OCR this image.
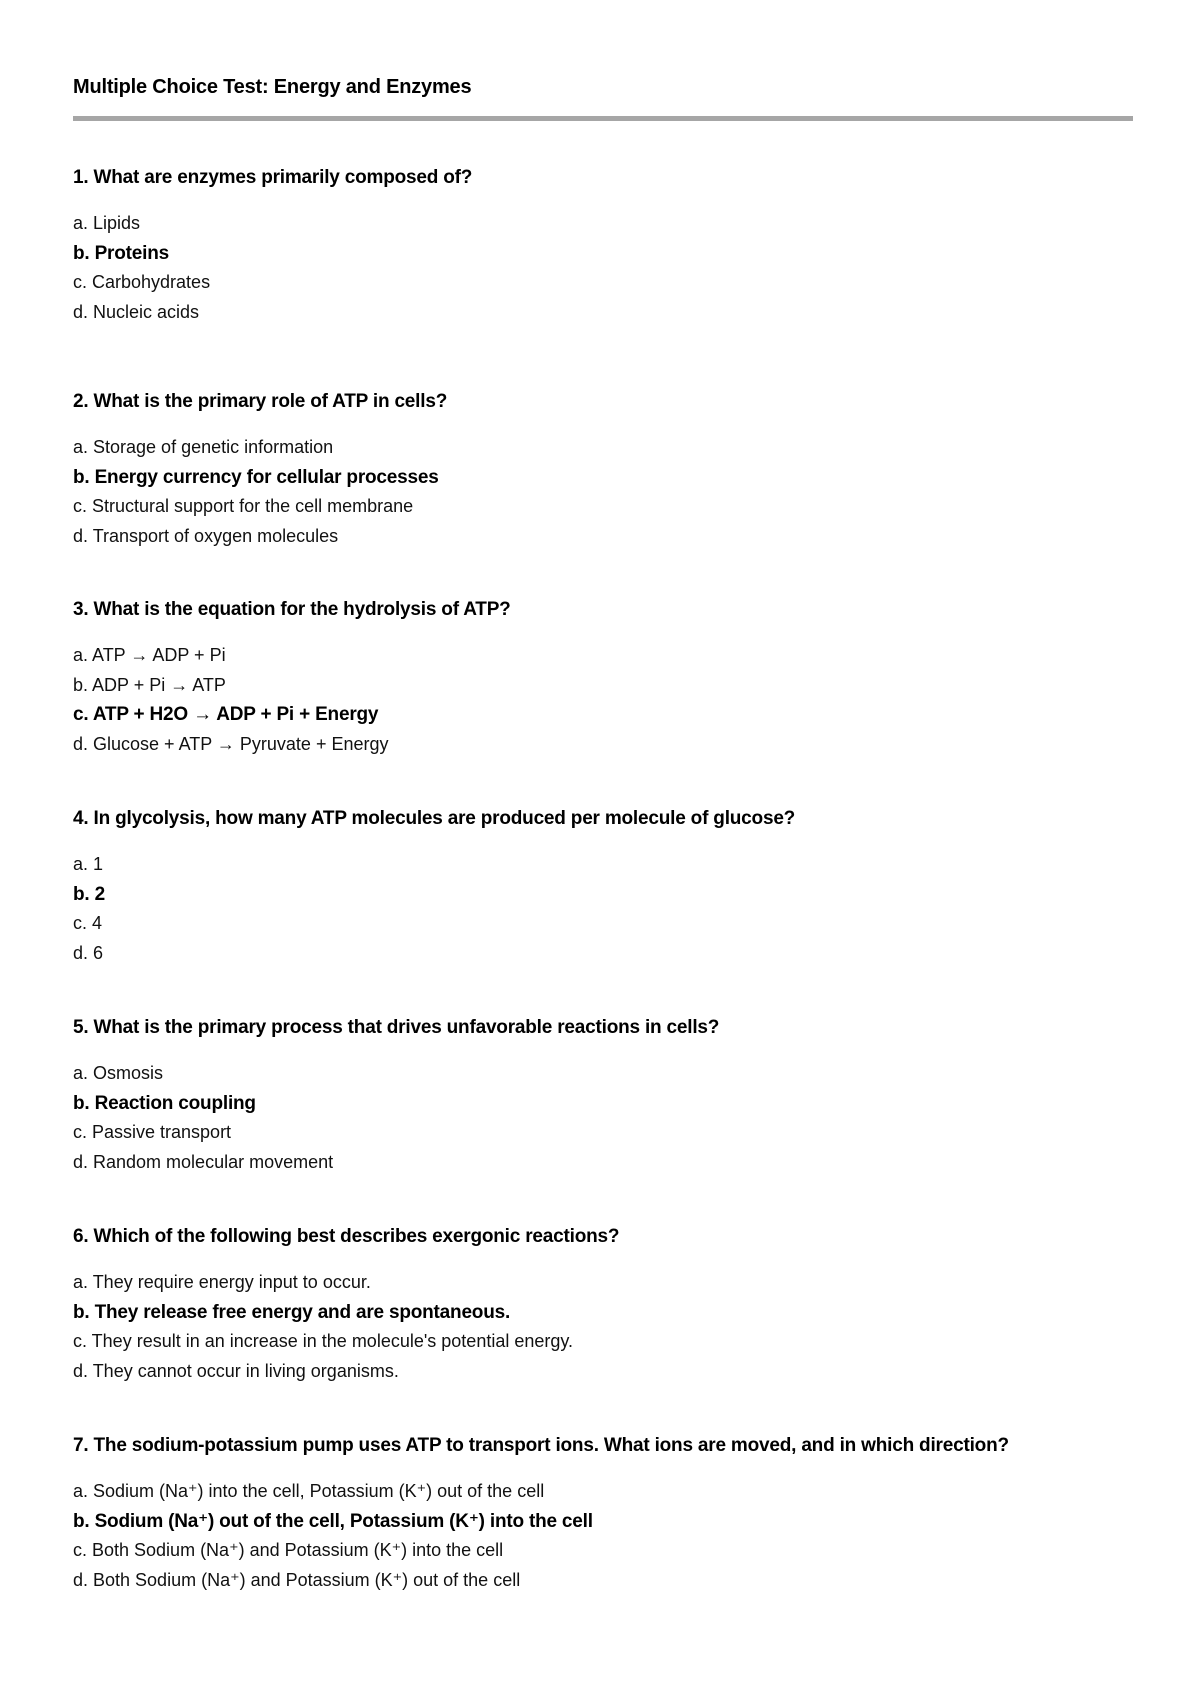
Multiple Choice Test: Energy and Enzymes
1. What are enzymes primarily composed of?
a. Lipids
b. Proteins
c. Carbohydrates
d. Nucleic acids
2. What is the primary role of ATP in cells?
a. Storage of genetic information
b. Energy currency for cellular processes
c. Structural support for the cell membrane
d. Transport of oxygen molecules
3. What is the equation for the hydrolysis of ATP?
a. ATP → ADP + Pi
b. ADP + Pi → ATP
c. ATP + H2O → ADP + Pi + Energy
d. Glucose + ATP → Pyruvate + Energy
4. In glycolysis, how many ATP molecules are produced per molecule of glucose?
a. 1
b. 2
c. 4
d. 6
5. What is the primary process that drives unfavorable reactions in cells?
a. Osmosis
b. Reaction coupling
c. Passive transport
d. Random molecular movement
6. Which of the following best describes exergonic reactions?
a. They require energy input to occur.
b. They release free energy and are spontaneous.
c. They result in an increase in the molecule's potential energy.
d. They cannot occur in living organisms.
7. The sodium-potassium pump uses ATP to transport ions. What ions are moved, and in which direction?
a. Sodium (Na⁺) into the cell, Potassium (K⁺) out of the cell
b. Sodium (Na⁺) out of the cell, Potassium (K⁺) into the cell
c. Both Sodium (Na⁺) and Potassium (K⁺) into the cell
d. Both Sodium (Na⁺) and Potassium (K⁺) out of the cell
